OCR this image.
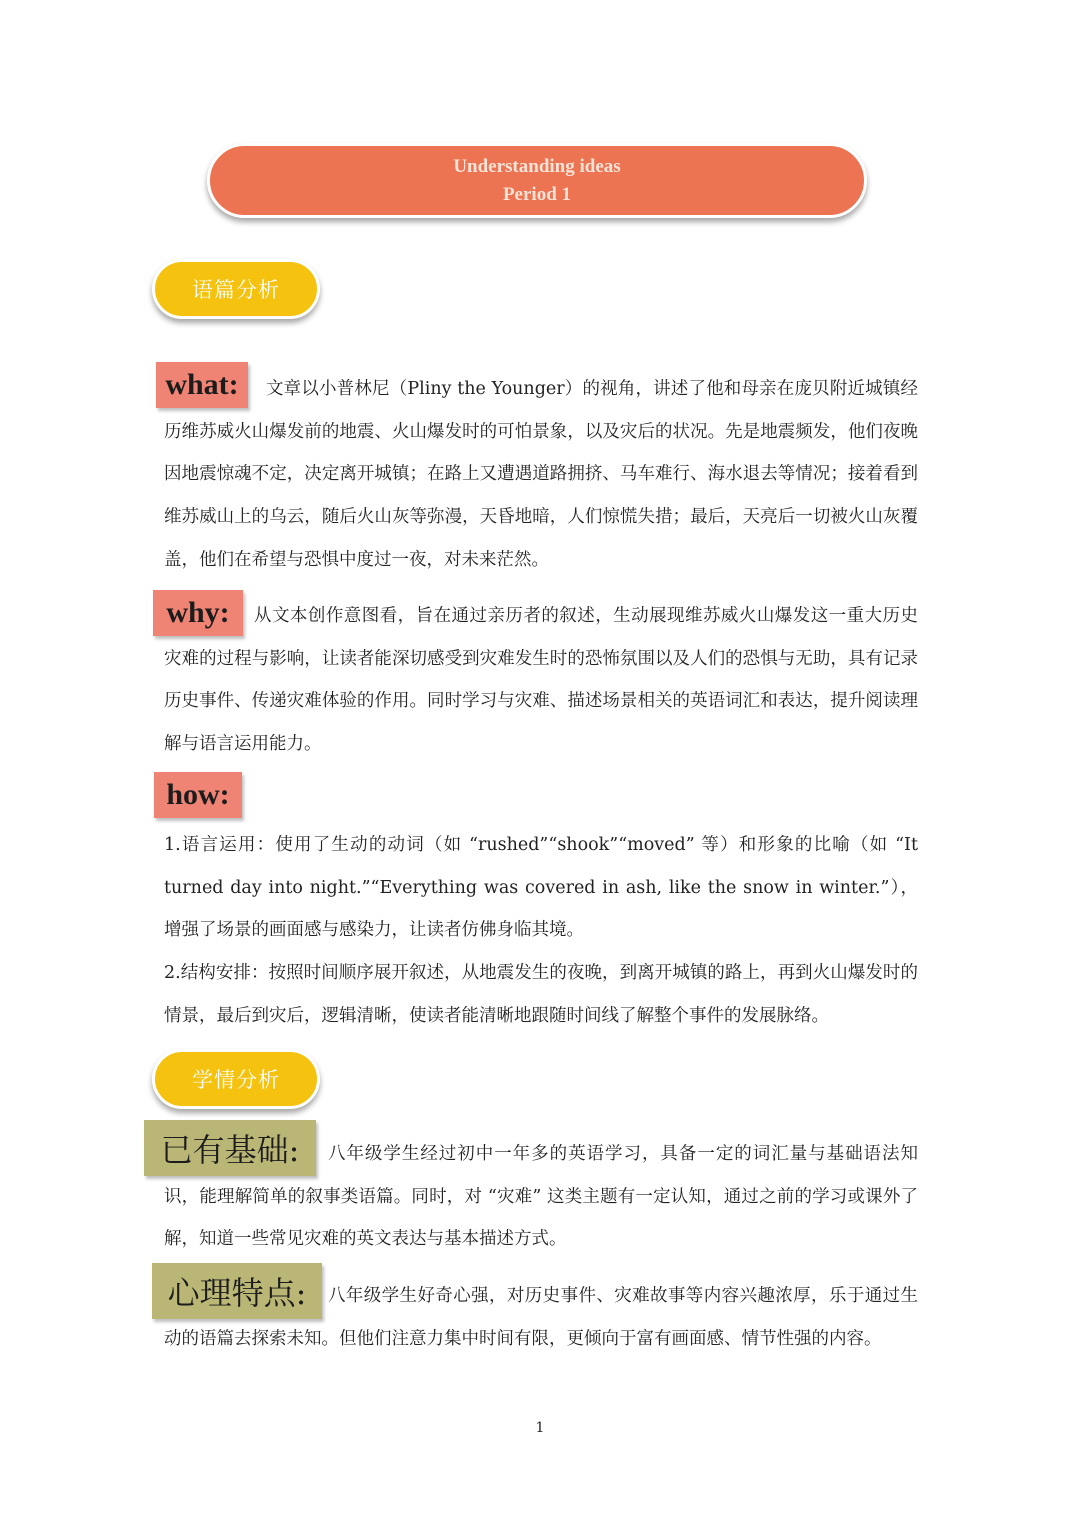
Understanding ideas
Period 1
语篇分析
what:	文章以小普林尼（Pliny the Younger）的视角，讲述了他和母亲在庞贝附近城镇经历维苏威火山爆发前的地震、火山爆发时的可怕景象，以及灾后的状况。先是地震频发，他们夜晚因地震惊魂不定，决定离开城镇；在路上又遭遇道路拥挤、马车难行、海水退去等情况；接着看到维苏威山上的乌云，随后火山灰等弥漫，天昏地暗，人们惊慌失措；最后，天亮后一切被火山灰覆盖，他们在希望与恐惧中度过一夜，对未来茫然。

why:	从文本创作意图看，旨在通过亲历者的叙述，生动展现维苏威火山爆发这一重大历史灾难的过程与影响，让读者能深切感受到灾难发生时的恐怖氛围以及人们的恐惧与无助，具有记录历史事件、传递灾难体验的作用。同时学习与灾难、描述场景相关的英语词汇和表达，提升阅读理解与语言运用能力。

how:

1.语言运用：使用了生动的动词（如 “rushed”“shook”“moved” 等）和形象的比喻（如 “It turned day into night.”“Everything was covered in ash, like the snow in winter.”），增强了场景的画面感与感染力，让读者仿佛身临其境。

2.结构安排：按照时间顺序展开叙述，从地震发生的夜晚，到离开城镇的路上，再到火山爆发时的情景，最后到灾后，逻辑清晰，使读者能清晰地跟随时间线了解整个事件的发展脉络。

学情分析
已有基础:	八年级学生经过初中一年多的英语学习，具备一定的词汇量与基础语法知识，能理解简单的叙事类语篇。同时，对 “灾难” 这类主题有一定认知，通过之前的学习或课外了解，知道一些常见灾难的英文表达与基本描述方式。

心理特点:	八年级学生好奇心强，对历史事件、灾难故事等内容兴趣浓厚，乐于通过生动的语篇去探索未知。但他们注意力集中时间有限，更倾向于富有画面感、情节性强的内容。

1
